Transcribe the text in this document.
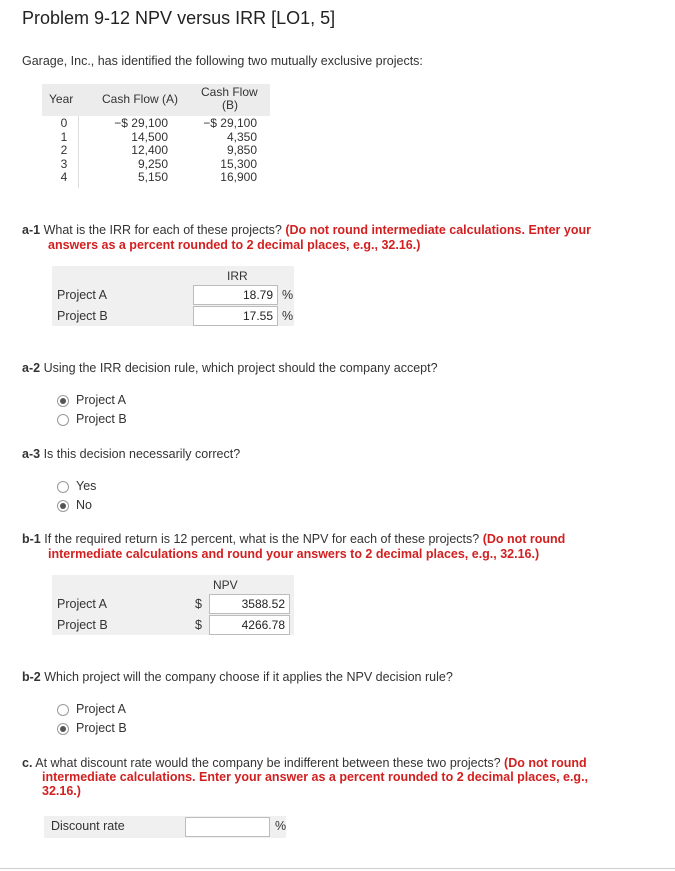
Problem 9-12 NPV versus IRR [LO1, 5]
Garage, Inc., has identified the following two mutually exclusive projects:
Year Cash Flow (A) Cash Flow
(B)
0	−$ 29,100	−$ 29,100
1	14,500	4,350
2	12,400	9,850
3	9,250	15,300
4	5,150	16,900
a-1 What is the IRR for each of these projects? (Do not round intermediate calculations. Enter your
answers as a percent rounded to 2 decimal places, e.g., 32.16.)
IRR
Project A	18.79 %
Project B	17.55 %
a-2 Using the IRR decision rule, which project should the company accept?
Project A
Project B
a-3 Is this decision necessarily correct?
Yes
No
b-1 If the required return is 12 percent, what is the NPV for each of these projects? (Do not round
intermediate calculations and round your answers to 2 decimal places, e.g., 32.16.)
NPV
Project A	$	3588.52
Project B	$	4266.78
b-2 Which project will the company choose if it applies the NPV decision rule?
Project A
Project B
c. At what discount rate would the company be indifferent between these two projects? (Do not round
intermediate calculations. Enter your answer as a percent rounded to 2 decimal places, e.g.,
32.16.)
Discount rate	%
